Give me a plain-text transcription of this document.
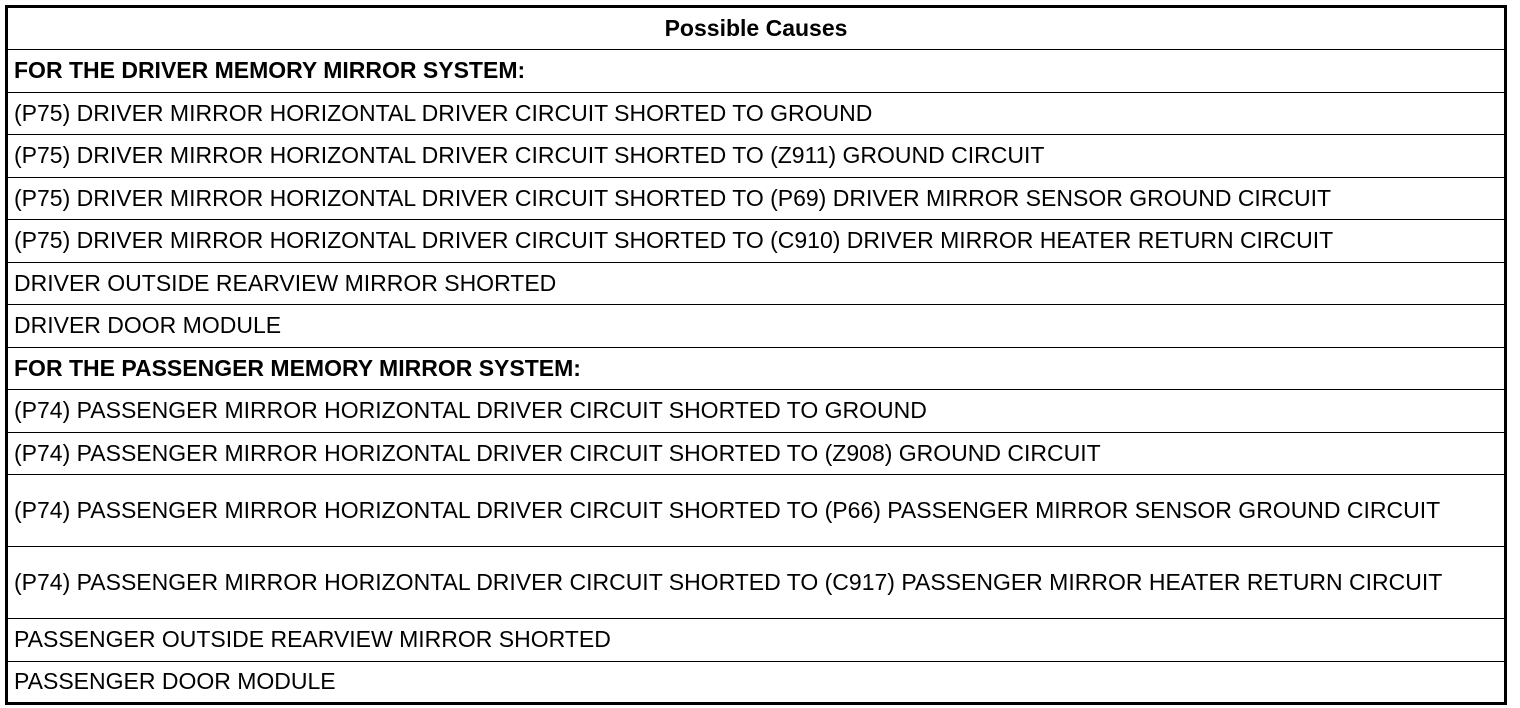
Possible Causes
FOR THE DRIVER MEMORY MIRROR SYSTEM:
(P75) DRIVER MIRROR HORIZONTAL DRIVER CIRCUIT SHORTED TO GROUND
(P75) DRIVER MIRROR HORIZONTAL DRIVER CIRCUIT SHORTED TO (Z911) GROUND CIRCUIT
(P75) DRIVER MIRROR HORIZONTAL DRIVER CIRCUIT SHORTED TO (P69) DRIVER MIRROR SENSOR GROUND CIRCUIT
(P75) DRIVER MIRROR HORIZONTAL DRIVER CIRCUIT SHORTED TO (C910) DRIVER MIRROR HEATER RETURN CIRCUIT
DRIVER OUTSIDE REARVIEW MIRROR SHORTED
DRIVER DOOR MODULE
FOR THE PASSENGER MEMORY MIRROR SYSTEM:
(P74) PASSENGER MIRROR HORIZONTAL DRIVER CIRCUIT SHORTED TO GROUND
(P74) PASSENGER MIRROR HORIZONTAL DRIVER CIRCUIT SHORTED TO (Z908) GROUND CIRCUIT
(P74) PASSENGER MIRROR HORIZONTAL DRIVER CIRCUIT SHORTED TO (P66) PASSENGER MIRROR SENSOR GROUND CIRCUIT
(P74) PASSENGER MIRROR HORIZONTAL DRIVER CIRCUIT SHORTED TO (C917) PASSENGER MIRROR HEATER RETURN CIRCUIT
PASSENGER OUTSIDE REARVIEW MIRROR SHORTED
PASSENGER DOOR MODULE
